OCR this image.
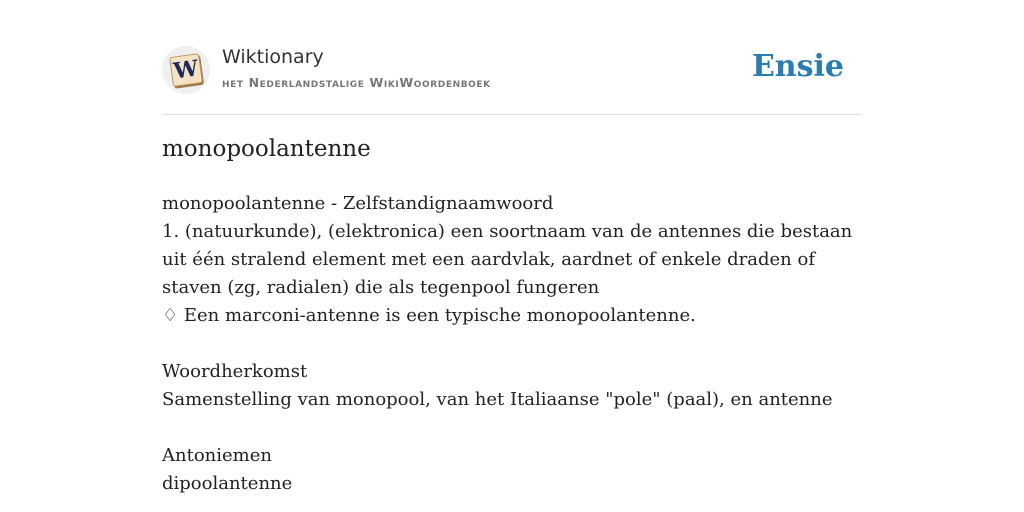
W Wiktionary
het Nederlandstalige WikiWoordenboek	Ensie
monopoolantenne
monopoolantenne - Zelfstandignaamwoord
1. (natuurkunde), (elektronica) een soortnaam van de antennes die bestaan uit één stralend element met een aardvlak, aardnet of enkele draden of staven (zg, radialen) die als tegenpool fungeren
♢ Een marconi-antenne is een typische monopoolantenne.
Woordherkomst
Samenstelling van monopool, van het Italiaanse "pole" (paal), en antenne
Antoniemen
dipoolantenne
